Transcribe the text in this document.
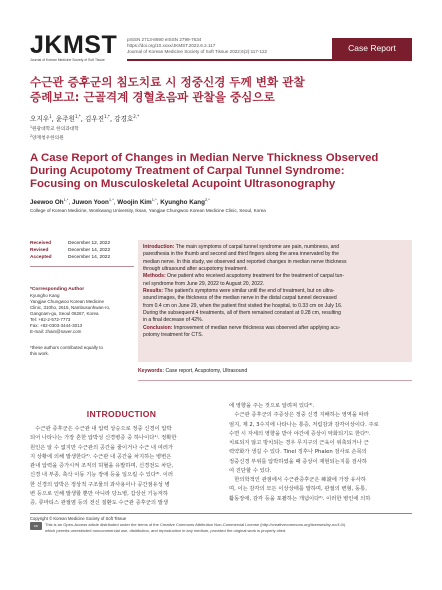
JKMST
Journal of Korean Medicine Society of Soft Tissue
pISSN 2713-8690 eISSN 2799-7634
https://doi.org/10.xxxx/JKMST.2022.6.2.117
Journal of Korean Medicine Society of Soft Tissue 2022;6(2):117-122	Case Report
수근관 증후군의 침도치료 시 정중신경 두께 변화 관찰
증례보고: 근골격계 경혈초음파 관찰을 중심으로
오지우$^1$, 윤주원$^{1,*}$, 김우진$^{1,*}$, 강경호$^{2,*}$
$^1$원광대학교 한의과대학
$^2$양재청우한의원
A Case Report of Changes in Median Nerve Thickness Observed
During Acupotomy Treatment of Carpal Tunnel Syndrome:
Focusing on Musculoskeletal Acupoint Ultrasonography
Jeewoo $Oh^{1,*}$, Juwon Yoon$^{1,*}$, Woojin Kim$^{1,*}$, Kyungho Kang$^{2,*}$
College of Korean Medicine, Wonkwang University, Iksan, Yangjae Chungwoo Korean Medicine Clinic, Seoul, Korea
Received	December 12, 2022
Revised	December 14, 2022
Accepted	December 14, 2022
*Corresponding Author
Kyungho Kang
Yangjae Chungwoo Korean Medicine
Clinic, 310ho, 2615, Nambusunhwan-ro,
Gangnam-gu, Seoul 06267, Korea
Tel: +82-2-572-7773
Fax: +82-0303-3444-3013
E-mail: zhain@naver.com
*these authors contributed equally to
this work.
Introduction: The main symptoms of carpal tunnel syndrome are pain, numbness, and
paresthesia in the thumb and second and third fingers along the area innervated by the
median nerve. In this study, we observed and reported changes in median nerve thickness
through ultrasound after acupotomy treatment.
Methods: One patient who received acupotomy treatment for the treatment of carpal tun-
nel syndrome from June 29, 2022 to August 20, 2022.
Results: The patient's symptoms were similar until the end of treatment, but on ultra-
sound images, the thickness of the median nerve in the distal carpal tunnel decreased
from 0.4 cm on June 29, when the patient first visited the hospital, to 0.33 cm on July 16.
During the subsequent 4 treatments, all of them remained constant at 0.28 cm, resulting
in a final decrease of 42%.
Conclusion: Improvement of median nerve thickness was observed after applying acu-
potomy treatment for CTS.
Keywords: Case report, Acupotomy, Ultrasound
INTRODUCTION
　수근관 증후군은 수근관 내 압력 상승으로 정중 신경이 압박
되어 나타나는 가장 흔한 압박성 신경병증 중 하나이다¹⁾. 정확한
원인은 알 수 없지만 수근관의 공간을 줄이거나 수근 내 여러가
지 상황에 의해 발생한다²⁾. 수근관 내 공간을 차지하는 병변은
관내 압력을 증가시켜 조직의 허혈을 유발하며, 신경전도 차단,
신경 내 부종, 축삭 이동 기능 장애 등을 일으킬 수 있다³⁾. 이러
한 신경의 압박은 정상적 구조물의 과사용이나 공간점유성 병
변 등으로 인해 발생할 뿐만 아니라 당뇨병, 갑상선 기능저하
증, 류마티스 관절염 등의 전신 질환도 수근관 증후군의 발생
에 영향을 주는 것으로 알려져 있다⁴⁾.
　수근관 증후군의 주증상은 정중 신경 지배하는 영역을 따라
엄지, 제 2, 3수지에 나타나는 통증, 저림감과 감각이상이다. 주로
수면 시 자세의 영향을 받아 야간에 증상이 악화되기도 한다⁵⁾.
치료되지 않고 방치되는 경우 무지구의 근육이 위축되거나 근
력약화가 생길 수 있다. Tinel 징후나 Phalen 검사로 손목의
정중신경 부위를 압박하였을 때 증상이 재현되는지를 검사하
여 진단할 수 있다.
　한의학적인 관점에서 수근관증후군은 痺證에 가장 유사하
며, 이는 감각의 모든 이상상태를 말하며, 관절의 변형, 동통,
활동장애, 감각 등을 포괄하는 개념이다⁶⁾. 이러한 병인에 의하
Copyright © Korean Medicine Society of Soft Tissue
cc	This is an Open-Access article distributed under the terms of the Creative Commons Attribution Non-Commercial License (http://creativecommons.org/licenses/by-nc/4.0/)
which permits unrestricted noncommercial use, distribution, and reproduction in any medium, provided the original work is properly cited.
